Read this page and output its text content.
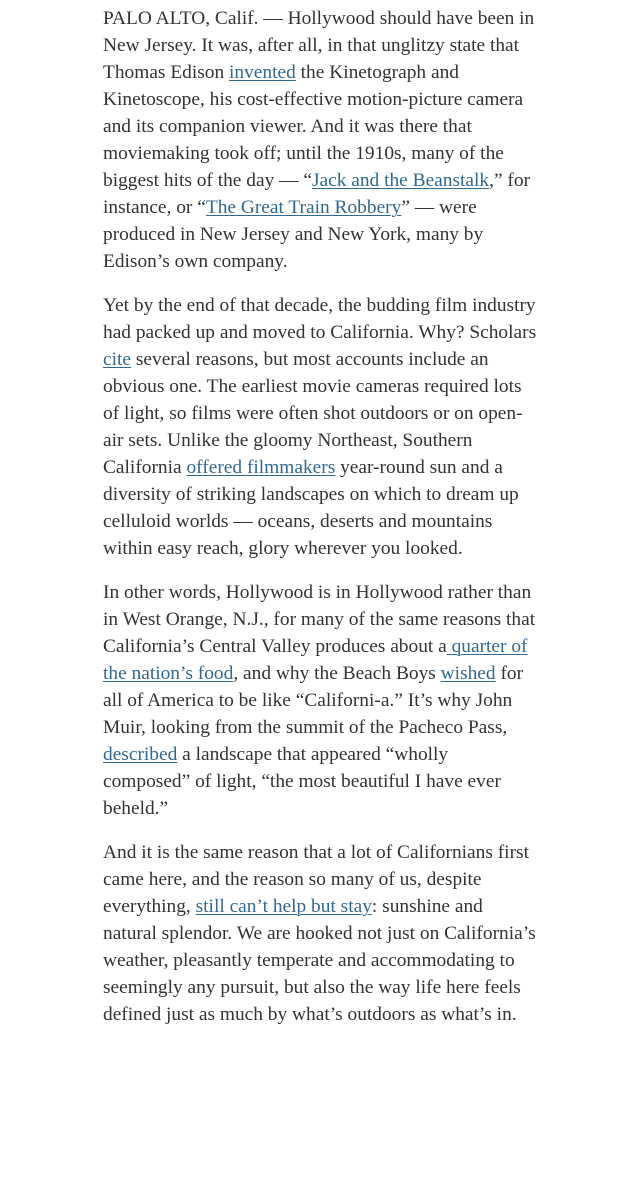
PALO ALTO, Calif. — Hollywood should have been in New Jersey. It was, after all, in that unglitzy state that Thomas Edison invented the Kinetograph and Kinetoscope, his cost-effective motion-picture camera and its companion viewer. And it was there that moviemaking took off; until the 1910s, many of the biggest hits of the day — “Jack and the Beanstalk,” for instance, or “The Great Train Robbery” — were produced in New Jersey and New York, many by Edison’s own company.

Yet by the end of that decade, the budding film industry had packed up and moved to California. Why? Scholars cite several reasons, but most accounts include an obvious one. The earliest movie cameras required lots of light, so films were often shot outdoors or on open-air sets. Unlike the gloomy Northeast, Southern California offered filmmakers year-round sun and a diversity of striking landscapes on which to dream up celluloid worlds — oceans, deserts and mountains within easy reach, glory wherever you looked.

In other words, Hollywood is in Hollywood rather than in West Orange, N.J., for many of the same reasons that California’s Central Valley produces about a quarter of the nation’s food, and why the Beach Boys wished for all of America to be like “Californi-a.” It’s why John Muir, looking from the summit of the Pacheco Pass, described a landscape that appeared “wholly composed” of light, “the most beautiful I have ever beheld.”

And it is the same reason that a lot of Californians first came here, and the reason so many of us, despite everything, still can’t help but stay: sunshine and natural splendor. We are hooked not just on California’s weather, pleasantly temperate and accommodating to seemingly any pursuit, but also the way life here feels defined just as much by what’s outdoors as what’s in.
